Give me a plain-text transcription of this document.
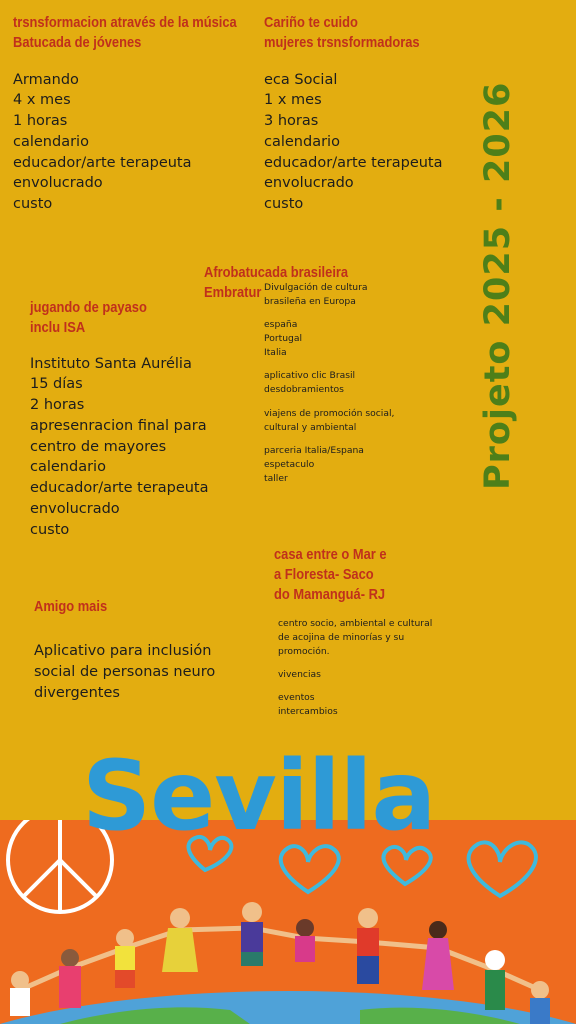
trsnsformacion através de la música
Batucada de jóvenes
Armando
4 x mes
1 horas
calendario
educador/arte terapeuta
envolucrado
custo
Cariño te cuido
mujeres trsnsformadoras
eca Social
1 x mes
3 horas
calendario
educador/arte terapeuta
envolucrado
custo
Afrobatucada brasileira
Embratur Divulgación de cultura
brasileña en Europa
españa
Portugal
Italia
aplicativo clic Brasil
desdobramientos
viajens de promoción social,
cultural y ambiental
parceria Italia/Espana
espetaculo
taller
jugando de payaso
inclu ISA
Instituto Santa Aurélia
15 días
2 horas
apresenracion final para
centro de mayores
calendario
educador/arte terapeuta
envolucrado
custo
casa entre o Mar e
a Floresta- Saco
do Mamanguá- RJ
centro socio, ambiental e cultural
de acojina de minorías y su
promoción.
vivencias
eventos
intercambios
Amigo mais
Aplicativo para inclusión
social de personas neuro
divergentes
Projeto 2025 - 2026
Sevilla
